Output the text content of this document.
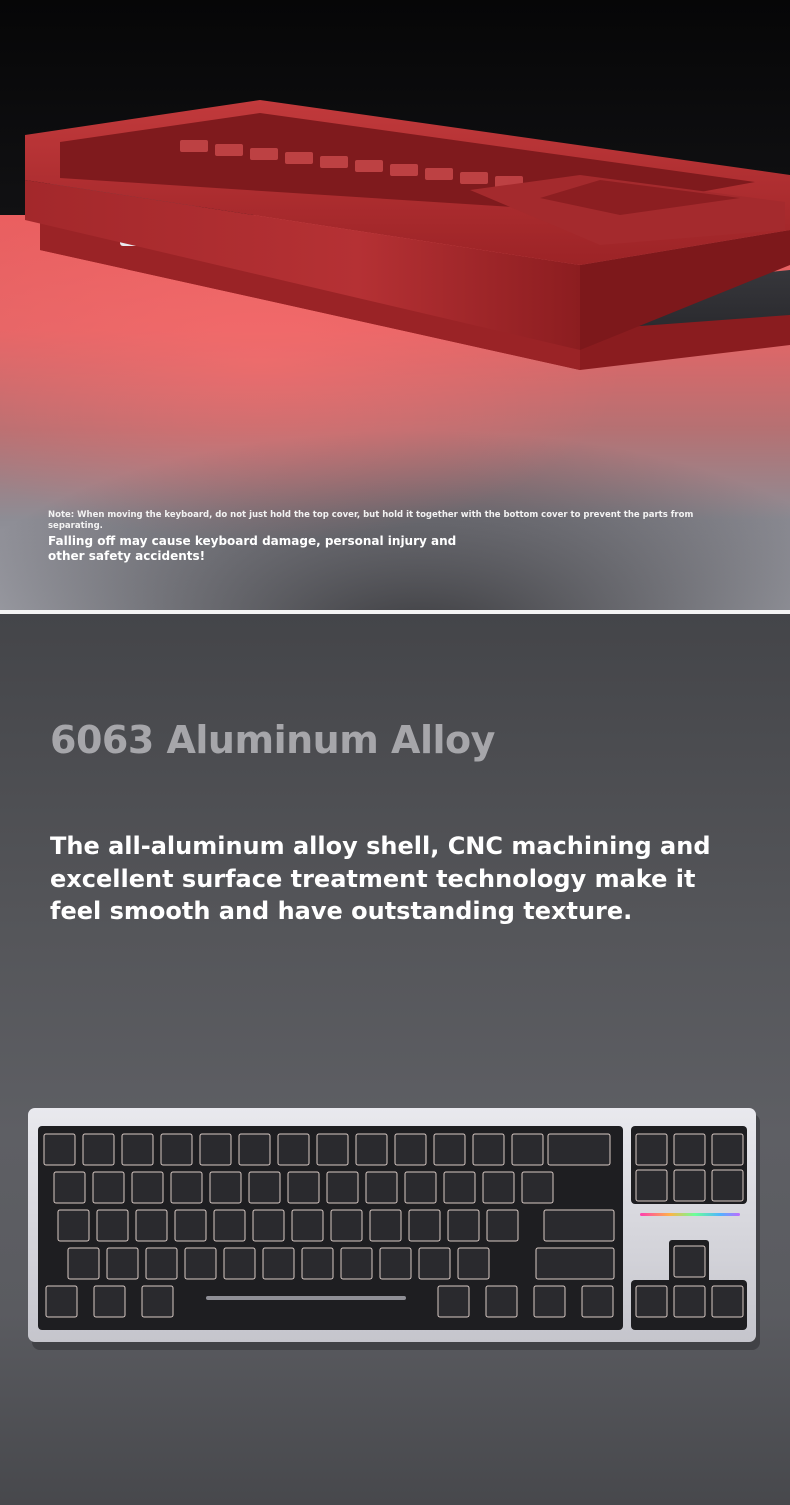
Note: When moving the keyboard, do not just hold the top cover, but hold it together with the bottom cover to prevent the parts from separating.

Falling off may cause keyboard damage, personal injury and other safety accidents!

6063 Aluminum Alloy

The all-aluminum alloy shell, CNC machining and excellent surface treatment technology make it feel smooth and have outstanding texture.
